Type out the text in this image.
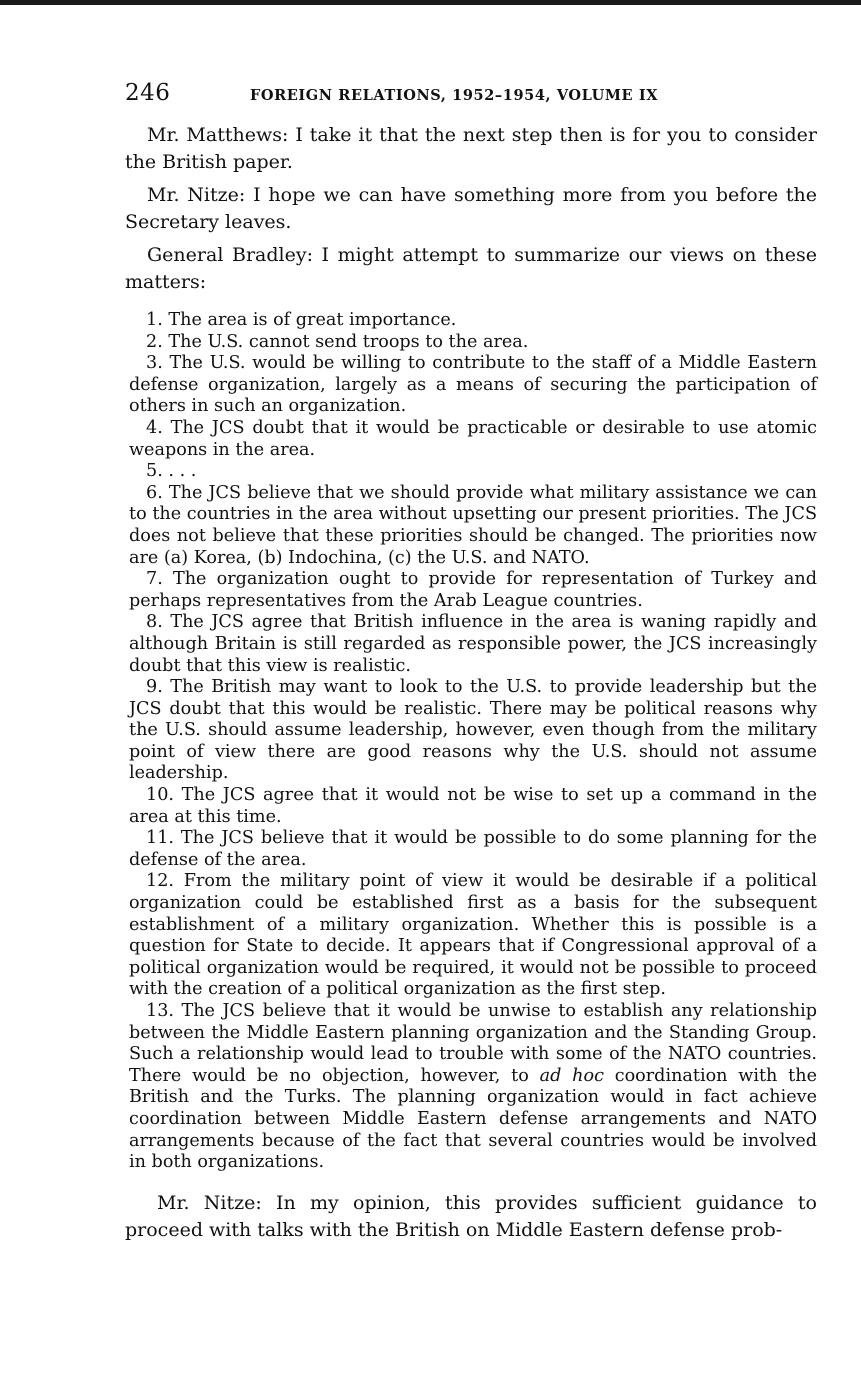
246	FOREIGN RELATIONS, 1952–1954, VOLUME IX

Mr. Matthews: I take it that the next step then is for you to consider the British paper.

Mr. Nitze: I hope we can have something more from you before the Secretary leaves.

General Bradley: I might attempt to summarize our views on these matters:

1. The area is of great importance.

2. The U.S. cannot send troops to the area.

3. The U.S. would be willing to contribute to the staff of a Middle Eastern defense organization, largely as a means of securing the participation of others in such an organization.

4. The JCS doubt that it would be practicable or desirable to use atomic weapons in the area.

5. . . .

6. The JCS believe that we should provide what military assistance we can to the countries in the area without upsetting our present priorities. The JCS does not believe that these priorities should be changed. The priorities now are (a) Korea, (b) Indochina, (c) the U.S. and NATO.

7. The organization ought to provide for representation of Turkey and perhaps representatives from the Arab League countries.

8. The JCS agree that British influence in the area is waning rapidly and although Britain is still regarded as responsible power, the JCS increasingly doubt that this view is realistic.

9. The British may want to look to the U.S. to provide leadership but the JCS doubt that this would be realistic. There may be political reasons why the U.S. should assume leadership, however, even though from the military point of view there are good reasons why the U.S. should not assume leadership.

10. The JCS agree that it would not be wise to set up a command in the area at this time.

11. The JCS believe that it would be possible to do some planning for the defense of the area.

12. From the military point of view it would be desirable if a political organization could be established first as a basis for the subsequent establishment of a military organization. Whether this is possible is a question for State to decide. It appears that if Congressional approval of a political organization would be required, it would not be possible to proceed with the creation of a political organization as the first step.

13. The JCS believe that it would be unwise to establish any relationship between the Middle Eastern planning organization and the Standing Group. Such a relationship would lead to trouble with some of the NATO countries. There would be no objection, however, to ad hoc coordination with the British and the Turks. The planning organization would in fact achieve coordination between Middle Eastern defense arrangements and NATO arrangements because of the fact that several countries would be involved in both organizations.

Mr. Nitze: In my opinion, this provides sufficient guidance to proceed with talks with the British on Middle Eastern defense prob-
